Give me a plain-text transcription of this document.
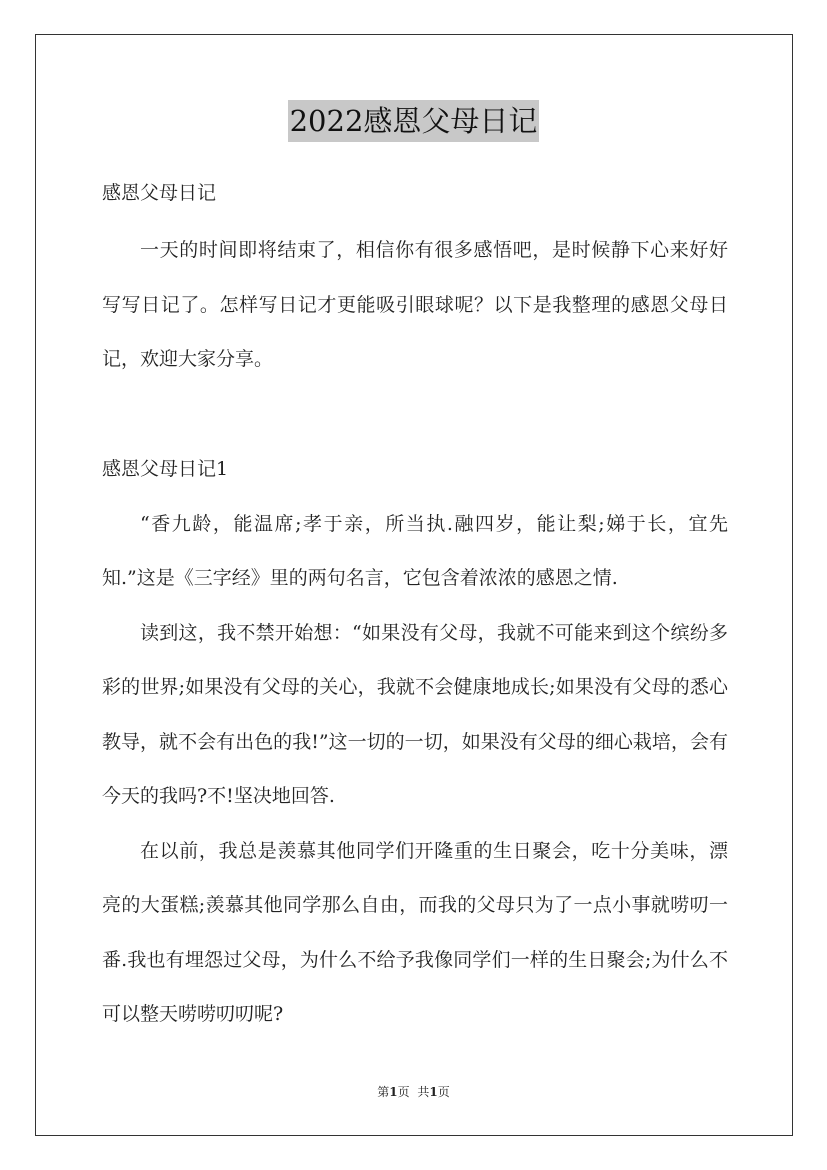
2022感恩父母日记

感恩父母日记

一天的时间即将结束了，相信你有很多感悟吧，是时候静下心来好好写写日记了。怎样写日记才更能吸引眼球呢？以下是我整理的感恩父母日记，欢迎大家分享。

感恩父母日记1

“香九龄，能温席;孝于亲，所当执.融四岁，能让梨;娣于长，宜先知.”这是《三字经》里的两句名言，它包含着浓浓的感恩之情.

读到这，我不禁开始想：“如果没有父母，我就不可能来到这个缤纷多彩的世界;如果没有父母的关心，我就不会健康地成长;如果没有父母的悉心教导，就不会有出色的我!”这一切的一切，如果没有父母的细心栽培，会有今天的我吗?不!坚决地回答.

在以前，我总是羡慕其他同学们开隆重的生日聚会，吃十分美味，漂亮的大蛋糕;羡慕其他同学那么自由，而我的父母只为了一点小事就唠叨一番.我也有埋怨过父母，为什么不给予我像同学们一样的生日聚会;为什么不可以整天唠唠叨叨呢?

第1页 共1页
